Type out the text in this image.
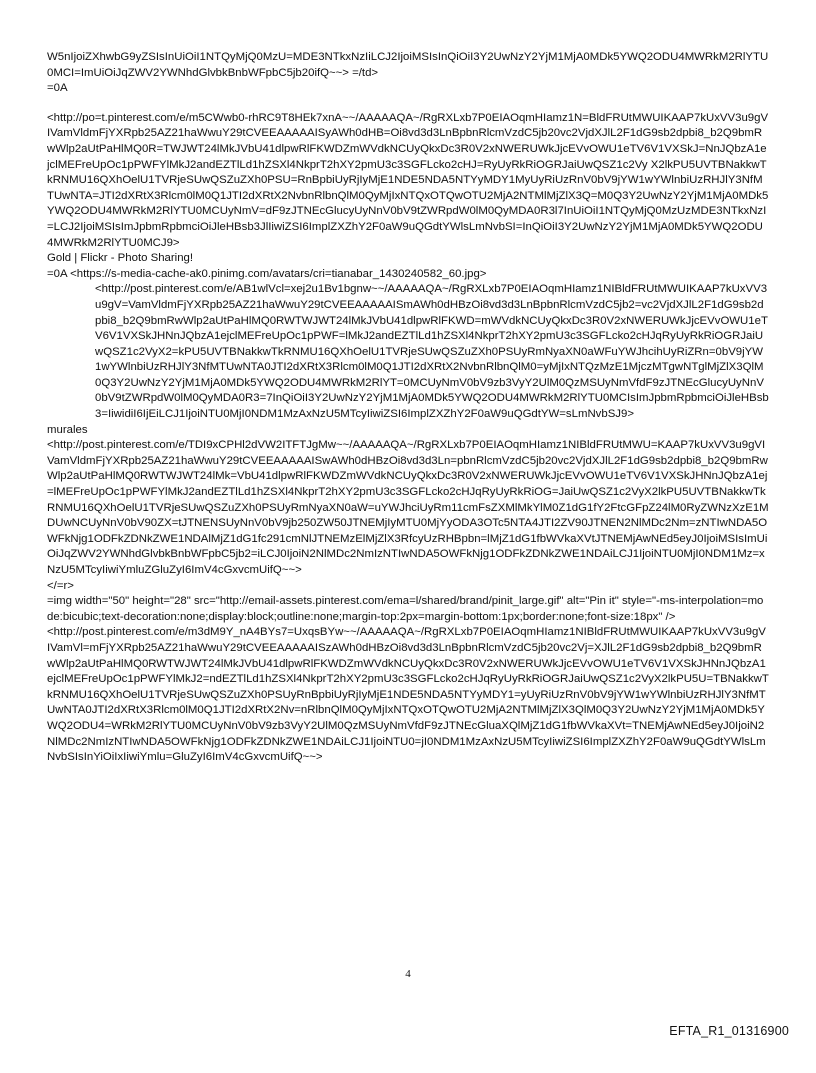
W5nIjoiZXhwbG9yZSIsInUiOiI1NTQyMjQ0MzU=MDE3NTkxNzIiLCJ2IjoiMSIsInQiOiI3Y2UwNzY2YjM1MjA0MDk5YWQ2ODU4MWRkM2RlYTU0MCI=ImUiOiJqZWV2YWNhdGlvbkBnbWFpbC5jb20ifQ~~> =/td>
=0A
<http://po=t.pinterest.com/e/m5CWwb0-rhRC9T8HEk7xnA~~/AAAAAQA~/RgRXLxb7P0EIAOqmHIamz1N=BldFRUtMWUIKAAP7kUxVV3u9gVIVamVldmFjYXRpb25AZ21haWwuY29tCVEEAAAAAISyAWh0dHB=Oi8vd3d3LnBpbnRlcmVzdC5jb20vc2VjdXJlL2F1dG9sb2dpbi8_b2Q9bmRwWlp2aUtPaHlMQ0R=TWJWT24lMkJVbU41dlpwRlFKWDZmWVdkNCUyQkxDc3R0V2xNWERUWkJjcEVvOWU1eTV6V1VXSkJ=NnJQbzA1ejclMEFreUpOc1pPWFYlMkJ2andEZTlLd1hZSXl4NkprT2hXY2pmU3c3SGFLcko2cHJ=RyUyRkRiOGRJaiUwQSZ1c2Vy X2lkPU5UVTBNakkwTkRNMU16QXhOelU1TVRjeSUwQSZuZXh0PSU=RnBpbiUyRjIyMjE1NDE5NDA5NTYyMDY1MyUyRiUzRnV0bV9jYW1wYWlnbiUzRHJlY3NfMTUwNTA=JTI2dXRtX3Rlcm0lM0Q1JTI2dXRtX2NvbnRlbnQlM0QyMjIxNTQxOTQwOTU2MjA2NTMlMjZlX3Q=M0Q3Y2UwNzY2YjM1MjA0MDk5YWQ2ODU4MWRkM2RlYTU0MCUyNmV=dF9zJTNEcGlucyUyNnV0bV9tZWRpdW0lM0QyMDA0R3l7InUiOiI1NTQyMjQ0MzUzMDE3NTkxNzI=LCJ2IjoiMSIsImJpbmRpbmciOiJleHBsb3JlIiwiZSI6ImplZXZhY2F0aW9uQGdtYWlsLmNvbSI=InQiOiI3Y2UwNzY2YjM1MjA0MDk5YWQ2ODU4MWRkM2RlYTU0MCJ9>
Gold | Flickr - Photo Sharing!
=0A <https://s-media-cache-ak0.pinimg.com/avatars/cri=tianabar_1430240582_60.jpg>
<http://post.pinterest.com/e/AB1wlVcl=xej2u1Bv1bgnw~~/AAAAAQA~/RgRXLxb7P0EIAOqmHIamz1NIBldFRUtMWUIKAAP7kUxVV3u9gV=VamVldmFjYXRpb25AZ21haWwuY29tCVEEAAAAAISmAWh0dHBzOi8vd3d3LnBpbnRlcmVzdC5jb2=vc2VjdXJlL2F1dG9sb2dpbi8_b2Q9bmRwWlp2aUtPaHlMQ0RWTWJWT24lMkJVbU41dlpwRlFKWD=mWVdkNCUyQkxDc3R0V2xNWERUWkJjcEVvOWU1eTV6V1VXSkJHNnJQbzA1ejclMEFreUpOc1pPWF=lMkJ2andEZTlLd1hZSXl4NkprT2hXY2pmU3c3SGFLcko2cHJqRyUyRkRiOGRJaiUwQSZ1c2VyX2=kPU5UVTBNakkwTkRNMU16QXhOelU1TVRjeSUwQSZuZXh0PSUyRmNyaXN0aWFuYWJhcihUyRiZRn=0bV9jYW1wYWlnbiUzRHJlY3NfMTUwNTA0JTI2dXRtX3Rlcm0lM0Q1JTI2dXRtX2NvbnRlbnQlM0=yMjIxNTQzMzE1MjczMTgwNTglMjZlX3QlM0Q3Y2UwNzY2YjM1MjA0MDk5YWQ2ODU4MWRkM2RlYT=0MCUyNmV0bV9zb3VyY2UlM0QzMSUyNmVfdF9zJTNEcGlucyUyNnV0bV9tZWRpdW0lM0QyMDA0R3=7InQiOiI3Y2UwNzY2YjM1MjA0MDk5YWQ2ODU4MWRkM2RlYTU0MCIsImJpbmRpbmciOiJleHBsb3=IiwidiI6IjEiLCJ1IjoiNTU0MjI0NDM1MzAxNzU5MTcyIiwiZSI6ImplZXZhY2F0aW9uQGdtYW=sLmNvbSJ9>
murales
<http://post.pinterest.com/e/TDI9xCPHl2dVW2ITFTJgMw~~/AAAAAQA~/RgRXLxb7P0EIAOqmHIamz1NIBldFRUtMWU=KAAP7kUxVV3u9gVIVamVldmFjYXRpb25AZ21haWwuY29tCVEEAAAAAISwAWh0dHBzOi8vd3d3Ln=pbnRlcmVzdC5jb20vc2VjdXJlL2F1dG9sb2dpbi8_b2Q9bmRwWlp2aUtPaHlMQ0RWTWJWT24lMk=VbU41dlpwRlFKWDZmWVdkNCUyQkxDc3R0V2xNWERUWkJjcEVvOWU1eTV6V1VXSkJHNnJQbzA1ej=lMEFreUpOc1pPWFYlMkJ2andEZTlLd1hZSXl4NkprT2hXY2pmU3c3SGFLcko2cHJqRyUyRkRiOG=JaiUwQSZ1c2VyX2lkPU5UVTBNakkwTkRNMU16QXhOelU1TVRjeSUwQSZuZXh0PSUyRmNyaXN0aW=uYWJhciUyRm11cmFsZXMlMkYlM0Z1dG1fY2FtcGFpZ24lM0RyZWNzXzE1MDUwNCUyNnV0bV90ZX=tJTNENSUyNnV0bV9jb250ZW50JTNEMjIyMTU0MjYyODA3OTc5NTA4JTI2ZV90JTNEN2NlMDc2Nm=zNTIwNDA5OWFkNjg1ODFkZDNkZWE1NDAlMjZ1dG1fc291cmNlJTNEMzElMjZlX3RfcyUzRHBpbn=lMjZ1dG1fbWVkaXVtJTNEMjAwNEd5eyJ0IjoiMSIsImUiOiJqZWV2YWNhdGlvbkBnbWFpbC5jb2=iLCJ0IjoiN2NlMDc2NmIzNTIwNDA5OWFkNjg1ODFkZDNkZWE1NDAiLCJ1IjoiNTU0MjI0NDM1Mz=xNzU5MTcyIiwiYmluZGluZyI6ImV4cGxvcmUifQ~~>
</=r>
=img width="50" height="28" src="http://email-assets.pinterest.com/ema=l/shared/brand/pinit_large.gif" alt="Pin it" style="-ms-interpolation=mode:bicubic;text-decoration:none;display:block;outline:none;margin-top:2px=margin-bottom:1px;border:none;font-size:18px" />
<http://post.pinterest.com/e/m3dM9Y_nA4BYs7=UxqsBYw~~/AAAAAQA~/RgRXLxb7P0EIAOqmHIamz1NIBldFRUtMWUIKAAP7kUxVV3u9gVIVamVl=mFjYXRpb25AZ21haWwuY29tCVEEAAAAAISzAWh0dHBzOi8vd3d3LnBpbnRlcmVzdC5jb20vc2Vj=XJlL2F1dG9sb2dpbi8_b2Q9bmRwWlp2aUtPaHlMQ0RWTWJWT24lMkJVbU41dlpwRlFKWDZmWVdkNCUyQkxDc3R0V2xNWERUWkJjcEVvOWU1eTV6V1VXSkJHNnJQbzA1ejclMEFreUpOc1pPWFYlMkJ2=ndEZTlLd1hZSXl4NkprT2hXY2pmU3c3SGFLcko2cHJqRyUyRkRiOGRJaiUwQSZ1c2VyX2lkPU5U=TBNakkwTkRNMU16QXhOelU1TVRjeSUwQSZuZXh0PSUyRnBpbiUyRjIyMjE1NDE5NDA5NTYyMDY1=yUyRiUzRnV0bV9jYW1wYWlnbiUzRHJlY3NfMTUwNTA0JTI2dXRtX3Rlcm0lM0Q1JTI2dXRtX2Nv=nRlbnQlM0QyMjIxNTQxOTQwOTU2MjA2NTMlMjZlX3QlM0Q3Y2UwNzY2YjM1MjA0MDk5YWQ2ODU4=WRkM2RlYTU0MCUyNnV0bV9zb3VyY2UlM0QzMSUyNmVfdF9zJTNEcGluaXQlMjZ1dG1fbWVkaXVt=TNEMjAwNEd5eyJ0IjoiN2NlMDc2NmIzNTIwNDA5OWFkNjg1ODFkZDNkZWE1NDAiLCJ1IjoiNTU0=jI0NDM1MzAxNzU5MTcyIiwiZSI6ImplZXZhY2F0aW9uQGdtYWlsLmNvbSIsInYiOiIxIiwiYmlu=GluZyI6ImV4cGxvcmUifQ~~>
4
EFTA_R1_01316900
